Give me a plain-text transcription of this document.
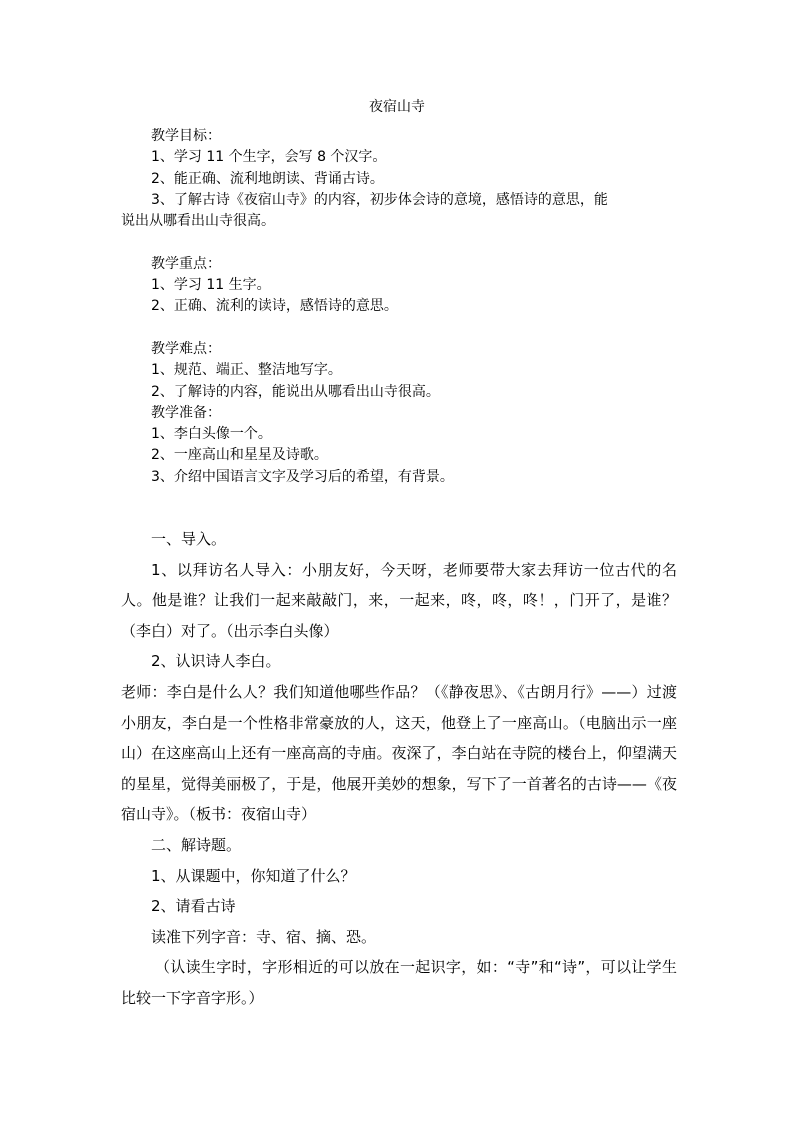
夜宿山寺
教学目标：
1、学习 11 个生字，会写 8 个汉字。
2、能正确、流利地朗读、背诵古诗。
3、了解古诗《夜宿山寺》的内容，初步体会诗的意境，感悟诗的意思，能
说出从哪看出山寺很高。
教学重点：
1、学习 11 生字。
2、正确、流利的读诗，感悟诗的意思。
教学难点：
1、规范、端正、整洁地写字。
2、了解诗的内容，能说出从哪看出山寺很高。
教学准备：
1、李白头像一个。
2、一座高山和星星及诗歌。
3、介绍中国语言文字及学习后的希望，有背景。

一、导入。

1、以拜访名人导入：小朋友好，今天呀，老师要带大家去拜访一位古代的名人。他是谁？让我们一起来敲敲门，来，一起来，咚，咚，咚！，门开了，是谁？（李白）对了。（出示李白头像）

2、认识诗人李白。

老师：李白是什么人？我们知道他哪些作品？（《静夜思》、《古朗月行》——）过渡 小朋友，李白是一个性格非常豪放的人，这天，他登上了一座高山。（电脑出示一座山）在这座高山上还有一座高高的寺庙。夜深了，李白站在寺院的楼台上，仰望满天的星星，觉得美丽极了，于是，他展开美妙的想象，写下了一首著名的古诗——《夜宿山寺》。（板书：夜宿山寺）

二、解诗题。

1、从课题中，你知道了什么？

2、请看古诗

读准下列字音：寺、宿、摘、恐。

（认读生字时，字形相近的可以放在一起识字，如：“寺”和“诗”，可以让学生比较一下字音字形。）
